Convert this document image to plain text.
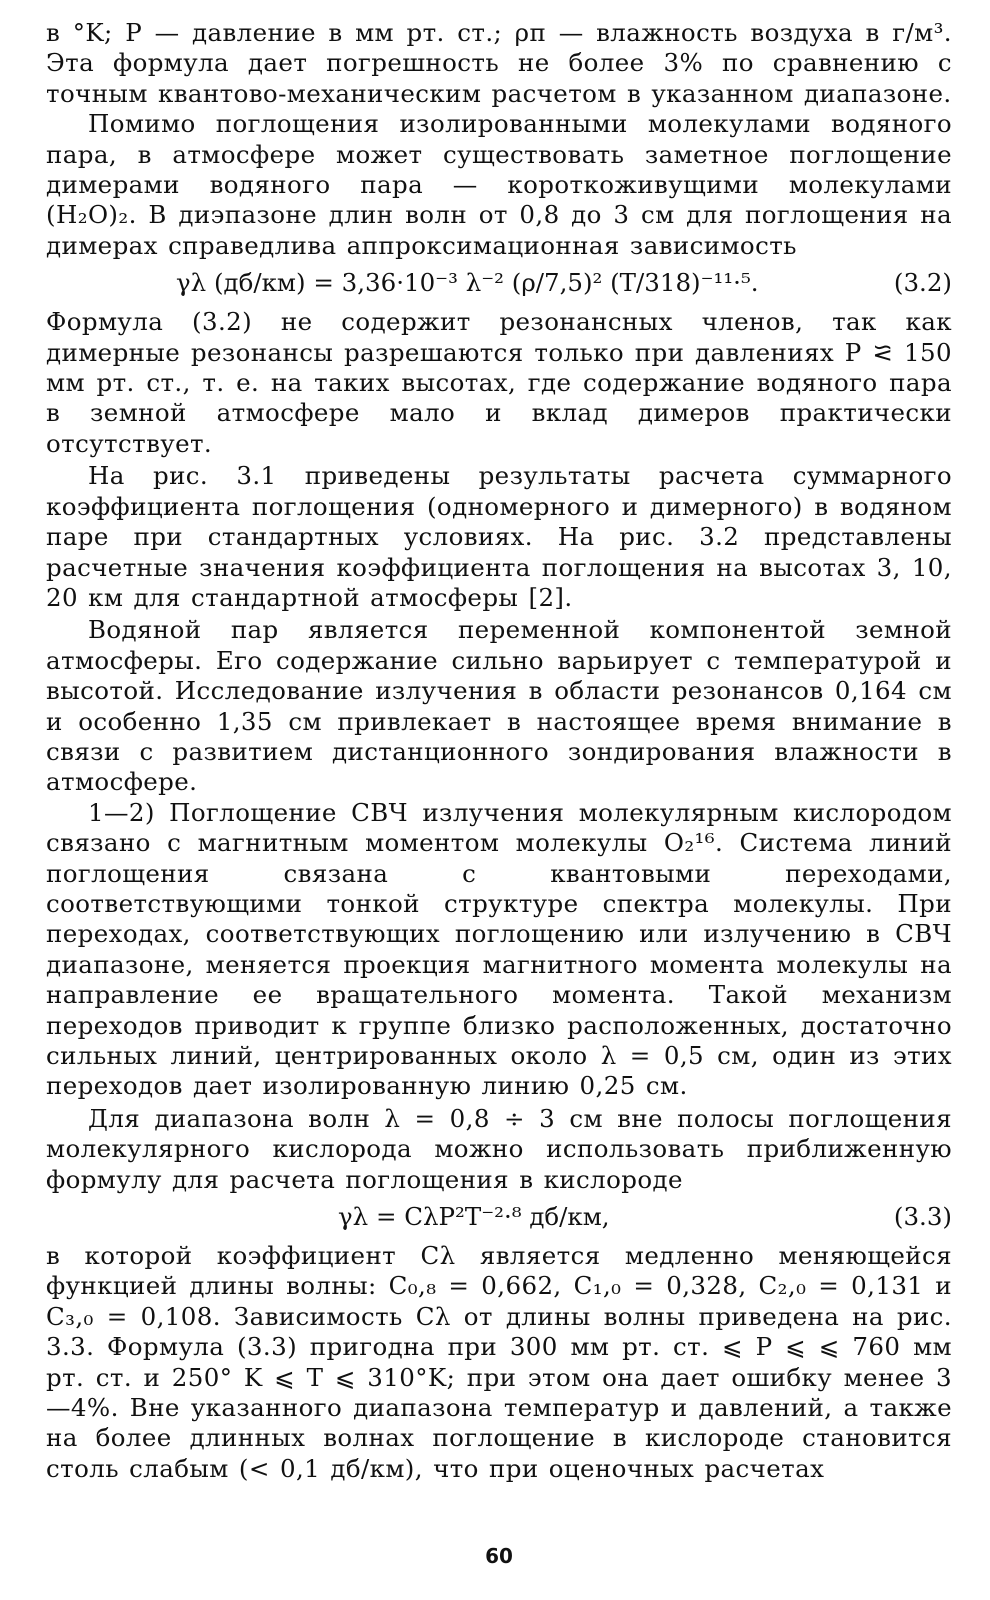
в °K; P — давление в мм рт. ст.; ρп — влажность воздуха в г/м³. Эта формула дает погрешность не более 3% по сравнению с точным квантово-механическим расчетом в указанном диапазоне.

Помимо поглощения изолированными молекулами водяного пара, в атмосфере может существовать заметное поглощение димерами водяного пара — короткоживущими молекулами (H₂O)₂. В диэпазоне длин волн от 0,8 до 3 см для поглощения на димерах справедлива аппроксимационная зависимость

γλ (дб/км) = 3,36·10⁻³ λ⁻² (ρ/7,5)² (T/318)⁻¹¹·⁵.	(3.2)

Формула (3.2) не содержит резонансных членов, так как димерные резонансы разрешаются только при давлениях P ⪝ 150 мм рт. ст., т. е. на таких высотах, где содержание водяного пара в земной атмосфере мало и вклад димеров практически отсутствует.

На рис. 3.1 приведены результаты расчета суммарного коэффициента поглощения (одномерного и димерного) в водяном паре при стандартных условиях. На рис. 3.2 представлены расчетные значения коэффициента поглощения на высотах 3, 10, 20 км для стандартной атмосферы [2].

Водяной пар является переменной компонентой земной атмосферы. Его содержание сильно варьирует с температурой и высотой. Исследование излучения в области резонансов 0,164 см и особенно 1,35 см привлекает в настоящее время внимание в связи с развитием дистанционного зондирования влажности в атмосфере.

1—2) Поглощение СВЧ излучения молекулярным кислородом связано с магнитным моментом молекулы O₂¹⁶. Система линий поглощения связана с квантовыми переходами, соответствующими тонкой структуре спектра молекулы. При переходах, соответствующих поглощению или излучению в СВЧ диапазоне, меняется проекция магнитного момента молекулы на направление ее вращательного момента. Такой механизм переходов приводит к группе близко расположенных, достаточно сильных линий, центрированных около λ = 0,5 см, один из этих переходов дает изолированную линию 0,25 см.

Для диапазона волн λ = 0,8 ÷ 3 см вне полосы поглощения молекулярного кислорода можно использовать приближенную формулу для расчета поглощения в кислороде

γλ = CλP²T⁻²·⁸ дб/км,	(3.3)

в которой коэффициент Cλ является медленно меняющейся функцией длины волны: C₀,₈ = 0,662, C₁,₀ = 0,328, C₂,₀ = 0,131 и C₃,₀ = 0,108. Зависимость Cλ от длины волны приведена на рис. 3.3. Формула (3.3) пригодна при 300 мм рт. ст. ⩽ P ⩽ ⩽ 760 мм рт. ст. и 250° K ⩽ T ⩽ 310°K; при этом она дает ошибку менее 3—4%. Вне указанного диапазона температур и давлений, а также на более длинных волнах поглощение в кислороде становится столь слабым (< 0,1 дб/км), что при оценочных расчетах

60
